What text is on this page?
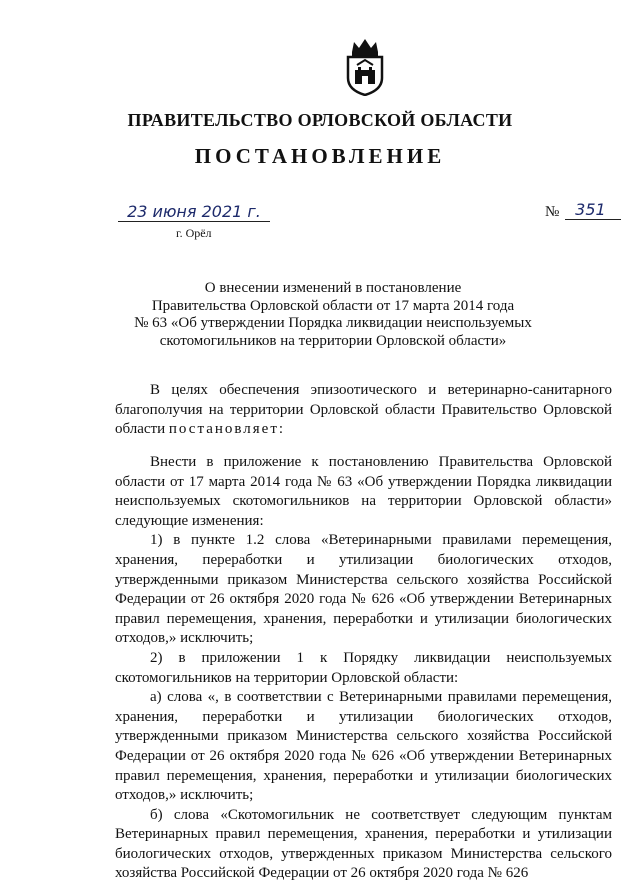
ПРАВИТЕЛЬСТВО ОРЛОВСКОЙ ОБЛАСТИ
ПОСТАНОВЛЕНИЕ
23 июня 2021 г.
г. Орёл
№ 351
О внесении изменений в постановление
Правительства Орловской области от 17 марта 2014 года
№ 63 «Об утверждении Порядка ликвидации неиспользуемых
скотомогильников на территории Орловской области»

В целях обеспечения эпизоотического и ветеринарно-санитарного благополучия на территории Орловской области Правительство Орловской области постановляет:

Внести в приложение к постановлению Правительства Орловской области от 17 марта 2014 года № 63 «Об утверждении Порядка ликвидации неиспользуемых скотомогильников на территории Орловской области» следующие изменения:

1) в пункте 1.2 слова «Ветеринарными правилами перемещения, хранения, переработки и утилизации биологических отходов, утвержденными приказом Министерства сельского хозяйства Российской Федерации от 26 октября 2020 года № 626 «Об утверждении Ветеринарных правил перемещения, хранения, переработки и утилизации биологических отходов,» исключить;

2) в приложении 1 к Порядку ликвидации неиспользуемых скотомогильников на территории Орловской области:

а) слова «, в соответствии с Ветеринарными правилами перемещения, хранения, переработки и утилизации биологических отходов, утвержденными приказом Министерства сельского хозяйства Российской Федерации от 26 октября 2020 года № 626 «Об утверждении Ветеринарных правил перемещения, хранения, переработки и утилизации биологических отходов,» исключить;

б) слова «Скотомогильник не соответствует следующим пунктам Ветеринарных правил перемещения, хранения, переработки и утилизации биологических отходов, утвержденных приказом Министерства сельского хозяйства Российской Федерации от 26 октября 2020 года № 626
